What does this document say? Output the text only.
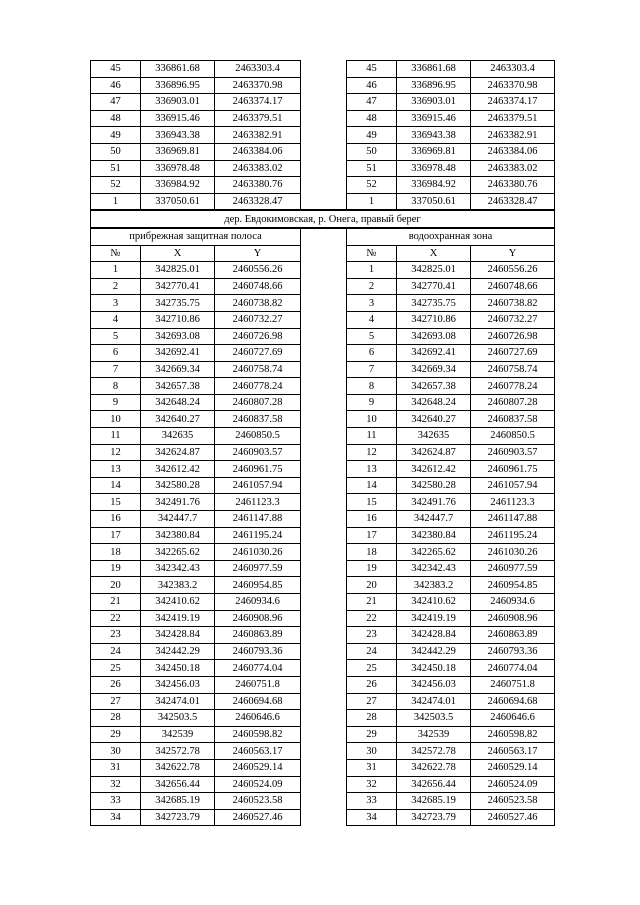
45	336861.68	2463303.4		45	336861.68	2463303.4
46	336896.95	2463370.98		46	336896.95	2463370.98
47	336903.01	2463374.17		47	336903.01	2463374.17
48	336915.46	2463379.51		48	336915.46	2463379.51
49	336943.38	2463382.91		49	336943.38	2463382.91
50	336969.81	2463384.06		50	336969.81	2463384.06
51	336978.48	2463383.02		51	336978.48	2463383.02
52	336984.92	2463380.76		52	336984.92	2463380.76
1	337050.61	2463328.47		1	337050.61	2463328.47
дер. Евдокимовская, р. Онега, правый берег						
прибрежная защитная полоса				водоохранная зона		
№	X	Y		№	X	Y
1	342825.01	2460556.26		1	342825.01	2460556.26
2	342770.41	2460748.66		2	342770.41	2460748.66
3	342735.75	2460738.82		3	342735.75	2460738.82
4	342710.86	2460732.27		4	342710.86	2460732.27
5	342693.08	2460726.98		5	342693.08	2460726.98
6	342692.41	2460727.69		6	342692.41	2460727.69
7	342669.34	2460758.74		7	342669.34	2460758.74
8	342657.38	2460778.24		8	342657.38	2460778.24
9	342648.24	2460807.28		9	342648.24	2460807.28
10	342640.27	2460837.58		10	342640.27	2460837.58
11	342635	2460850.5		11	342635	2460850.5
12	342624.87	2460903.57		12	342624.87	2460903.57
13	342612.42	2460961.75		13	342612.42	2460961.75
14	342580.28	2461057.94		14	342580.28	2461057.94
15	342491.76	2461123.3		15	342491.76	2461123.3
16	342447.7	2461147.88		16	342447.7	2461147.88
17	342380.84	2461195.24		17	342380.84	2461195.24
18	342265.62	2461030.26		18	342265.62	2461030.26
19	342342.43	2460977.59		19	342342.43	2460977.59
20	342383.2	2460954.85		20	342383.2	2460954.85
21	342410.62	2460934.6		21	342410.62	2460934.6
22	342419.19	2460908.96		22	342419.19	2460908.96
23	342428.84	2460863.89		23	342428.84	2460863.89
24	342442.29	2460793.36		24	342442.29	2460793.36
25	342450.18	2460774.04		25	342450.18	2460774.04
26	342456.03	2460751.8		26	342456.03	2460751.8
27	342474.01	2460694.68		27	342474.01	2460694.68
28	342503.5	2460646.6		28	342503.5	2460646.6
29	342539	2460598.82		29	342539	2460598.82
30	342572.78	2460563.17		30	342572.78	2460563.17
31	342622.78	2460529.14		31	342622.78	2460529.14
32	342656.44	2460524.09		32	342656.44	2460524.09
33	342685.19	2460523.58		33	342685.19	2460523.58
34	342723.79	2460527.46		34	342723.79	2460527.46
